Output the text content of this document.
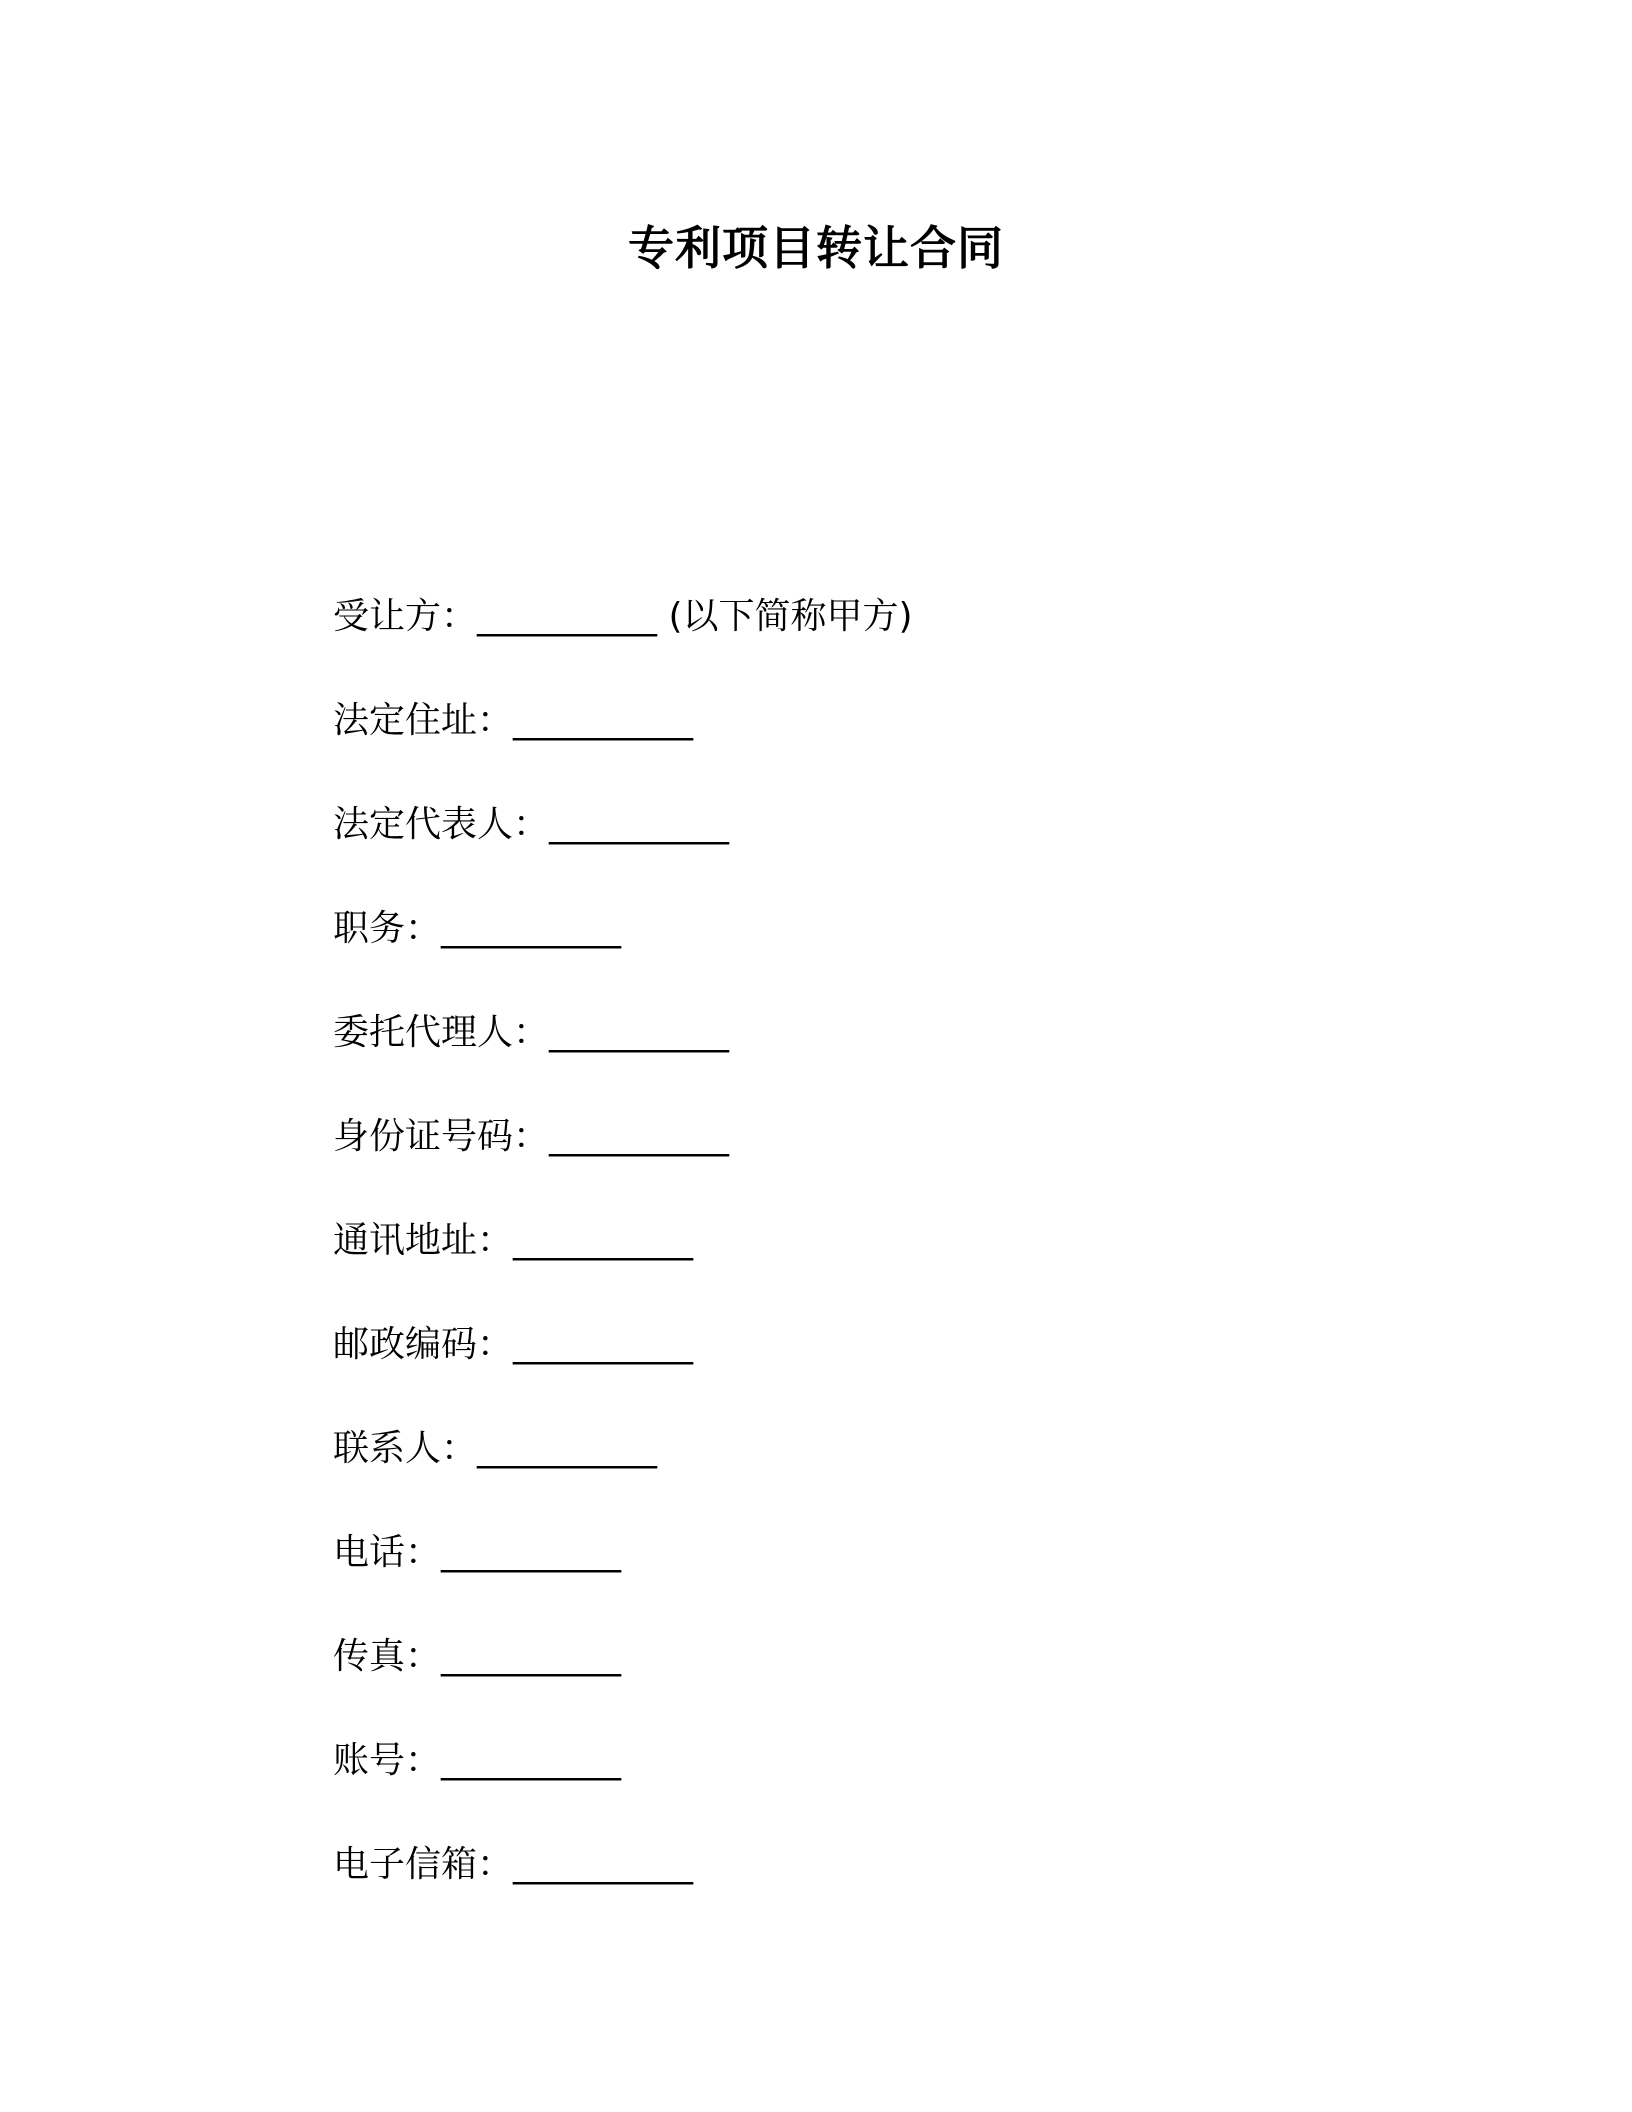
专利项目转让合同
受让方：__________ (以下简称甲方)
法定住址：__________
法定代表人：__________
职务：__________
委托代理人：__________
身份证号码：__________
通讯地址：__________
邮政编码：__________
联系人：__________
电话：__________
传真：__________
账号：__________
电子信箱：__________
